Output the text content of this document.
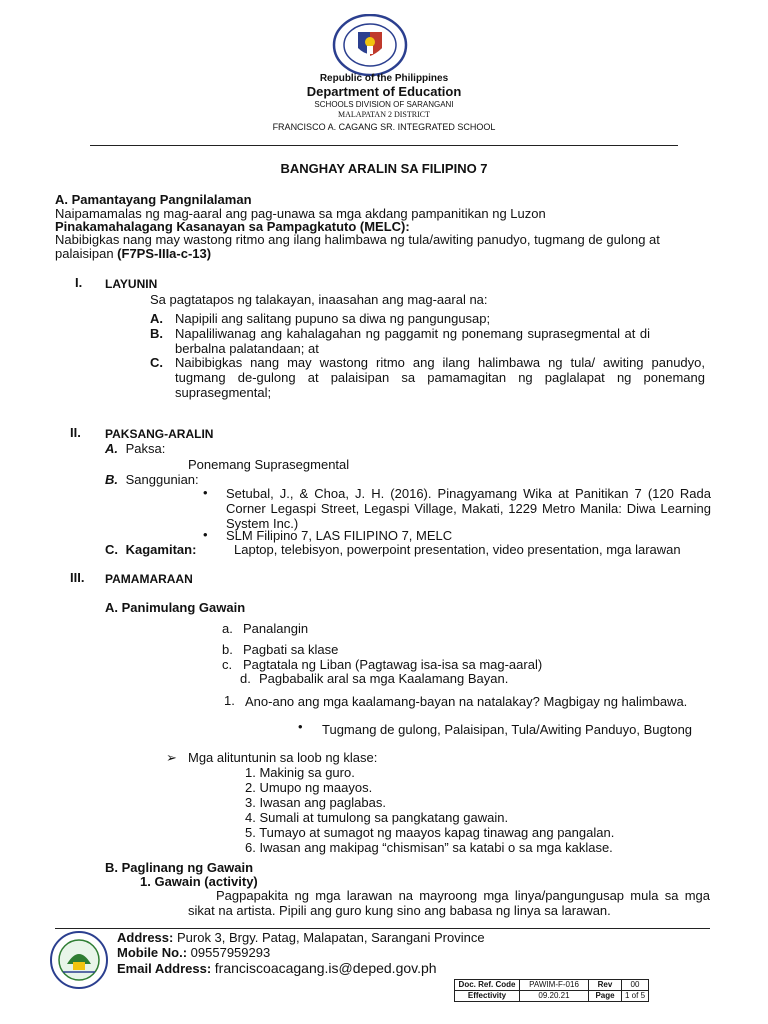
Republic of the Philippines
Department of Education
SCHOOLS DIVISION OF SARANGANI
MALAPATAN 2 DISTRICT
FRANCISCO A. CAGANG SR. INTEGRATED SCHOOL
BANGHAY ARALIN SA FILIPINO 7
A. Pamantayang Pangnilalaman
Naipamamalas ng mag-aaral ang pag-unawa sa mga akdang pampanitikan ng Luzon
Pinakamahalagang Kasanayan sa Pampagkatuto (MELC):
Nabibigkas nang may wastong ritmo ang ilang halimbawa ng tula/awiting panudyo, tugmang de gulong at
palaisipan (F7PS-IIIa-c-13)
I. LAYUNIN
Sa pagtatapos ng talakayan, inaasahan ang mag-aaral na:
A. Napipili ang salitang pupuno sa diwa ng pangungusap;
B. Napaliliwanag ang kahalagahan ng paggamit ng ponemang suprasegmental at di berbalna palatandaan; at
C. Naibibigkas nang may wastong ritmo ang ilang halimbawa ng tula/ awiting panudyo, tugmang de-gulong at palaisipan sa pamamagitan ng paglalapat ng ponemang suprasegmental;
II. PAKSANG-ARALIN
A. Paksa:
Ponemang Suprasegmental
B. Sanggunian:
• Setubal, J., & Choa, J. H. (2016). Pinagyamang Wika at Panitikan 7 (120 Rada Corner Legaspi Street, Legaspi Village, Makati, 1229 Metro Manila: Diwa Learning System Inc.)
• SLM Filipino 7, LAS FILIPINO 7, MELC
C. Kagamitan:	Laptop, telebisyon, powerpoint presentation, video presentation, mga larawan
III. PAMAMARAAN
A. Panimulang Gawain
a. Panalangin
b. Pagbati sa klase
c. Pagtatala ng Liban (Pagtawag isa-isa sa mag-aaral)
d. Pagbabalik aral sa mga Kaalamang Bayan.
1. Ano-ano ang mga kaalamang-bayan na natalakay? Magbigay ng halimbawa.
• Tugmang de gulong, Palaisipan, Tula/Awiting Panduyo, Bugtong
➢ Mga alituntunin sa loob ng klase:
1. Makinig sa guro.
2. Umupo ng maayos.
3. Iwasan ang paglabas.
4. Sumali at tumulong sa pangkatang gawain.
5. Tumayo at sumagot ng maayos kapag tinawag ang pangalan.
6. Iwasan ang makipag “chismisan” sa katabi o sa mga kaklase.
B. Paglinang ng Gawain
1. Gawain (activity)
Pagpapakita ng mga larawan na mayroong mga linya/pangungusap mula sa mga sikat na artista. Pipili ang guro kung sino ang babasa ng linya sa larawan.
Address: Purok 3, Brgy. Patag, Malapatan, Sarangani Province
Mobile No.: 09557959293
Email Address: franciscoacagang.is@deped.gov.ph
Doc. Ref. Code	PAWIM-F-016	Rev	00
Effectivity	09.20.21	Page	1 of 5
